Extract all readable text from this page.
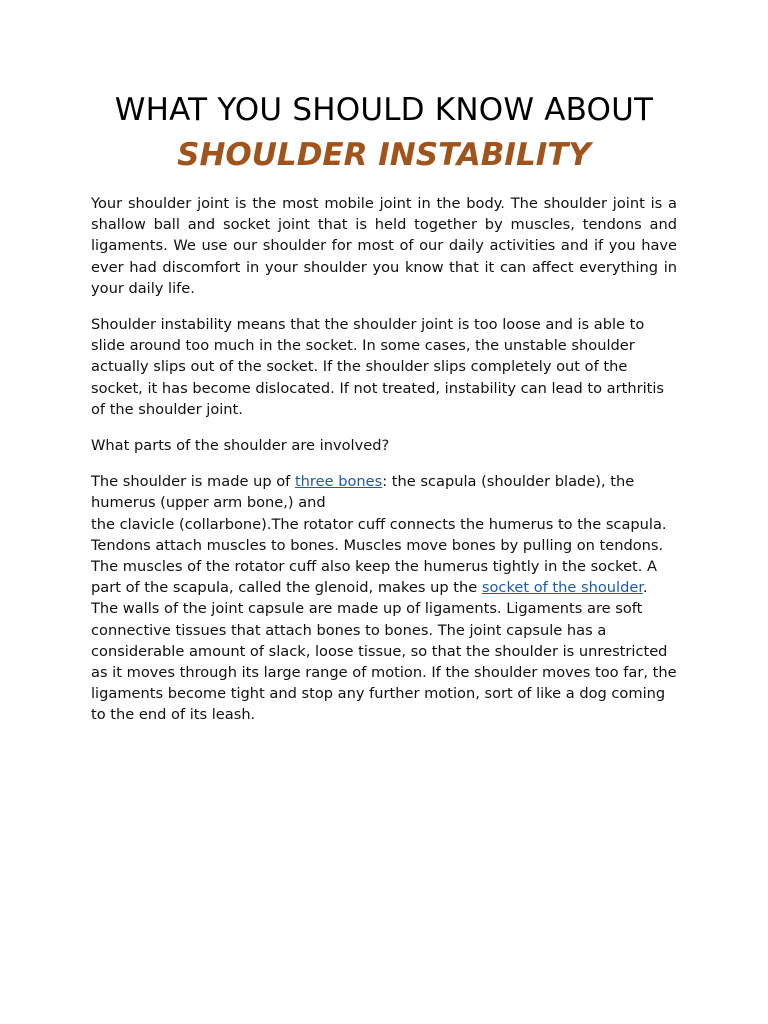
WHAT YOU SHOULD KNOW ABOUT
SHOULDER INSTABILITY

Your shoulder joint is the most mobile joint in the body. The shoulder joint is a shallow ball and socket joint that is held together by muscles, tendons and ligaments. We use our shoulder for most of our daily activities and if you have ever had discomfort in your shoulder you know that it can affect everything in your daily life.

Shoulder instability means that the shoulder joint is too loose and is able to slide around too much in the socket. In some cases, the unstable shoulder actually slips out of the socket. If the shoulder slips completely out of the socket, it has become dislocated. If not treated, instability can lead to arthritis of the shoulder joint.

What parts of the shoulder are involved?

The shoulder is made up of three bones: the scapula (shoulder blade), the humerus (upper arm bone,) and
the clavicle (collarbone).The rotator cuff connects the humerus to the scapula.

Tendons attach muscles to bones. Muscles move bones by pulling on tendons. The muscles of the rotator cuff also keep the humerus tightly in the socket. A part of the scapula, called the glenoid, makes up the socket of the shoulder. The walls of the joint capsule are made up of ligaments. Ligaments are soft connective tissues that attach bones to bones. The joint capsule has a considerable amount of slack, loose tissue, so that the shoulder is unrestricted as it moves through its large range of motion. If the shoulder moves too far, the ligaments become tight and stop any further motion, sort of like a dog coming to the end of its leash.
